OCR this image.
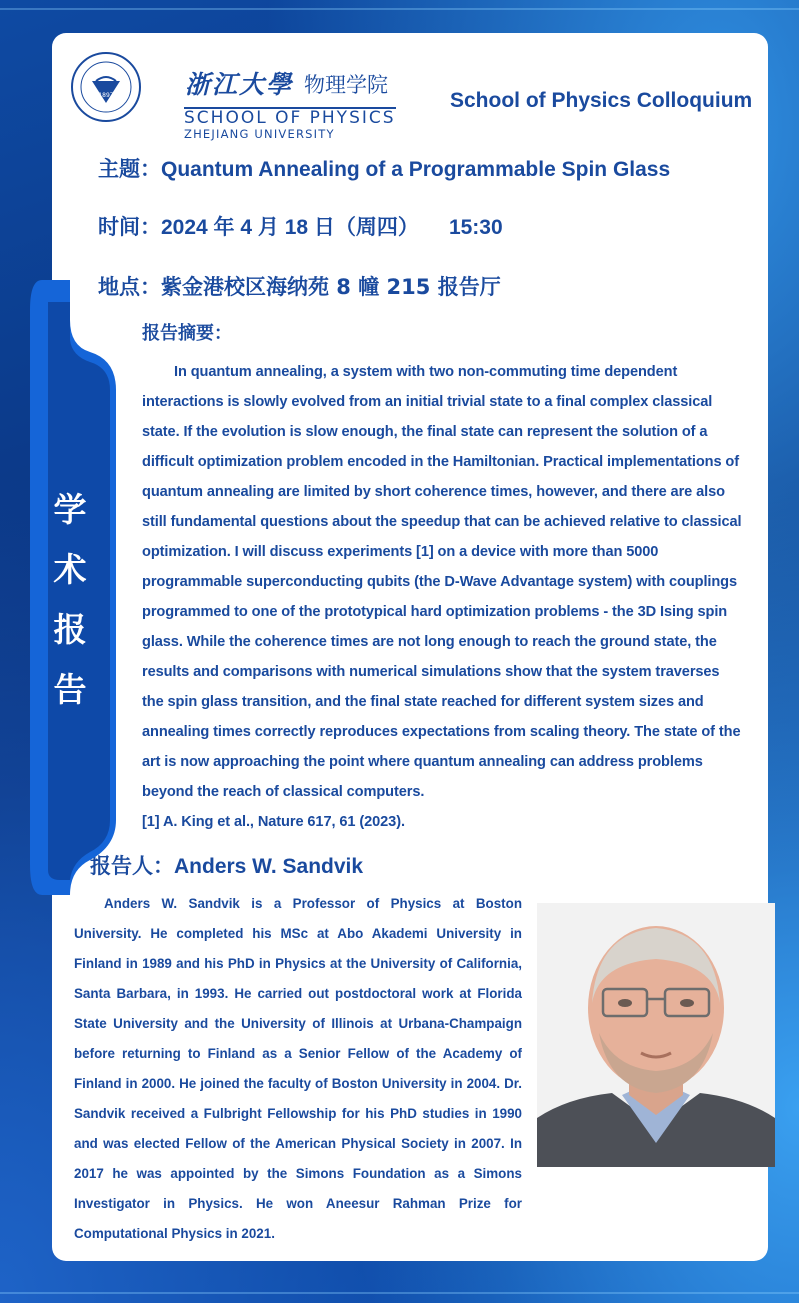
1897	浙江大學 物理学院
SCHOOL OF PHYSICS
ZHEJIANG UNIVERSITY
School of Physics Colloquium
主题：Quantum Annealing of a Programmable Spin Glass
时间：2024 年 4 月 18 日（周四） 15:30
地点：紫金港校区海纳苑 8 幢 215 报告厅
报告摘要：

In quantum annealing, a system with two non-commuting time dependent interactions is slowly evolved from an initial trivial state to a final complex classical state. If the evolution is slow enough, the final state can represent the solution of a difficult optimization problem encoded in the Hamiltonian. Practical implementations of quantum annealing are limited by short coherence times, however, and there are also still fundamental questions about the speedup that can be achieved relative to classical optimization. I will discuss experiments [1] on a device with more than 5000 programmable superconducting qubits (the D-Wave Advantage system) with couplings programmed to one of the prototypical hard optimization problems - the 3D Ising spin glass. While the coherence times are not long enough to reach the ground state, the results and comparisons with numerical simulations show that the system traverses the spin glass transition, and the final state reached for different system sizes and annealing times correctly reproduces expectations from scaling theory. The state of the art is now approaching the point where quantum annealing can address problems beyond the reach of classical computers.

[1] A. King et al., Nature 617, 61 (2023).

报告人：Anders W. Sandvik

Anders W. Sandvik is a Professor of Physics at Boston University. He completed his MSc at Abo Akademi University in Finland in 1989 and his PhD in Physics at the University of California, Santa Barbara, in 1993. He carried out postdoctoral work at Florida State University and the University of Illinois at Urbana-Champaign before returning to Finland as a Senior Fellow of the Academy of Finland in 2000. He joined the faculty of Boston University in 2004. Dr. Sandvik received a Fulbright Fellowship for his PhD studies in 1990 and was elected Fellow of the American Physical Society in 2007. In 2017 he was appointed by the Simons Foundation as a Simons Investigator in Physics. He won Aneesur Rahman Prize for Computational Physics in 2021.

学
术
报
告
